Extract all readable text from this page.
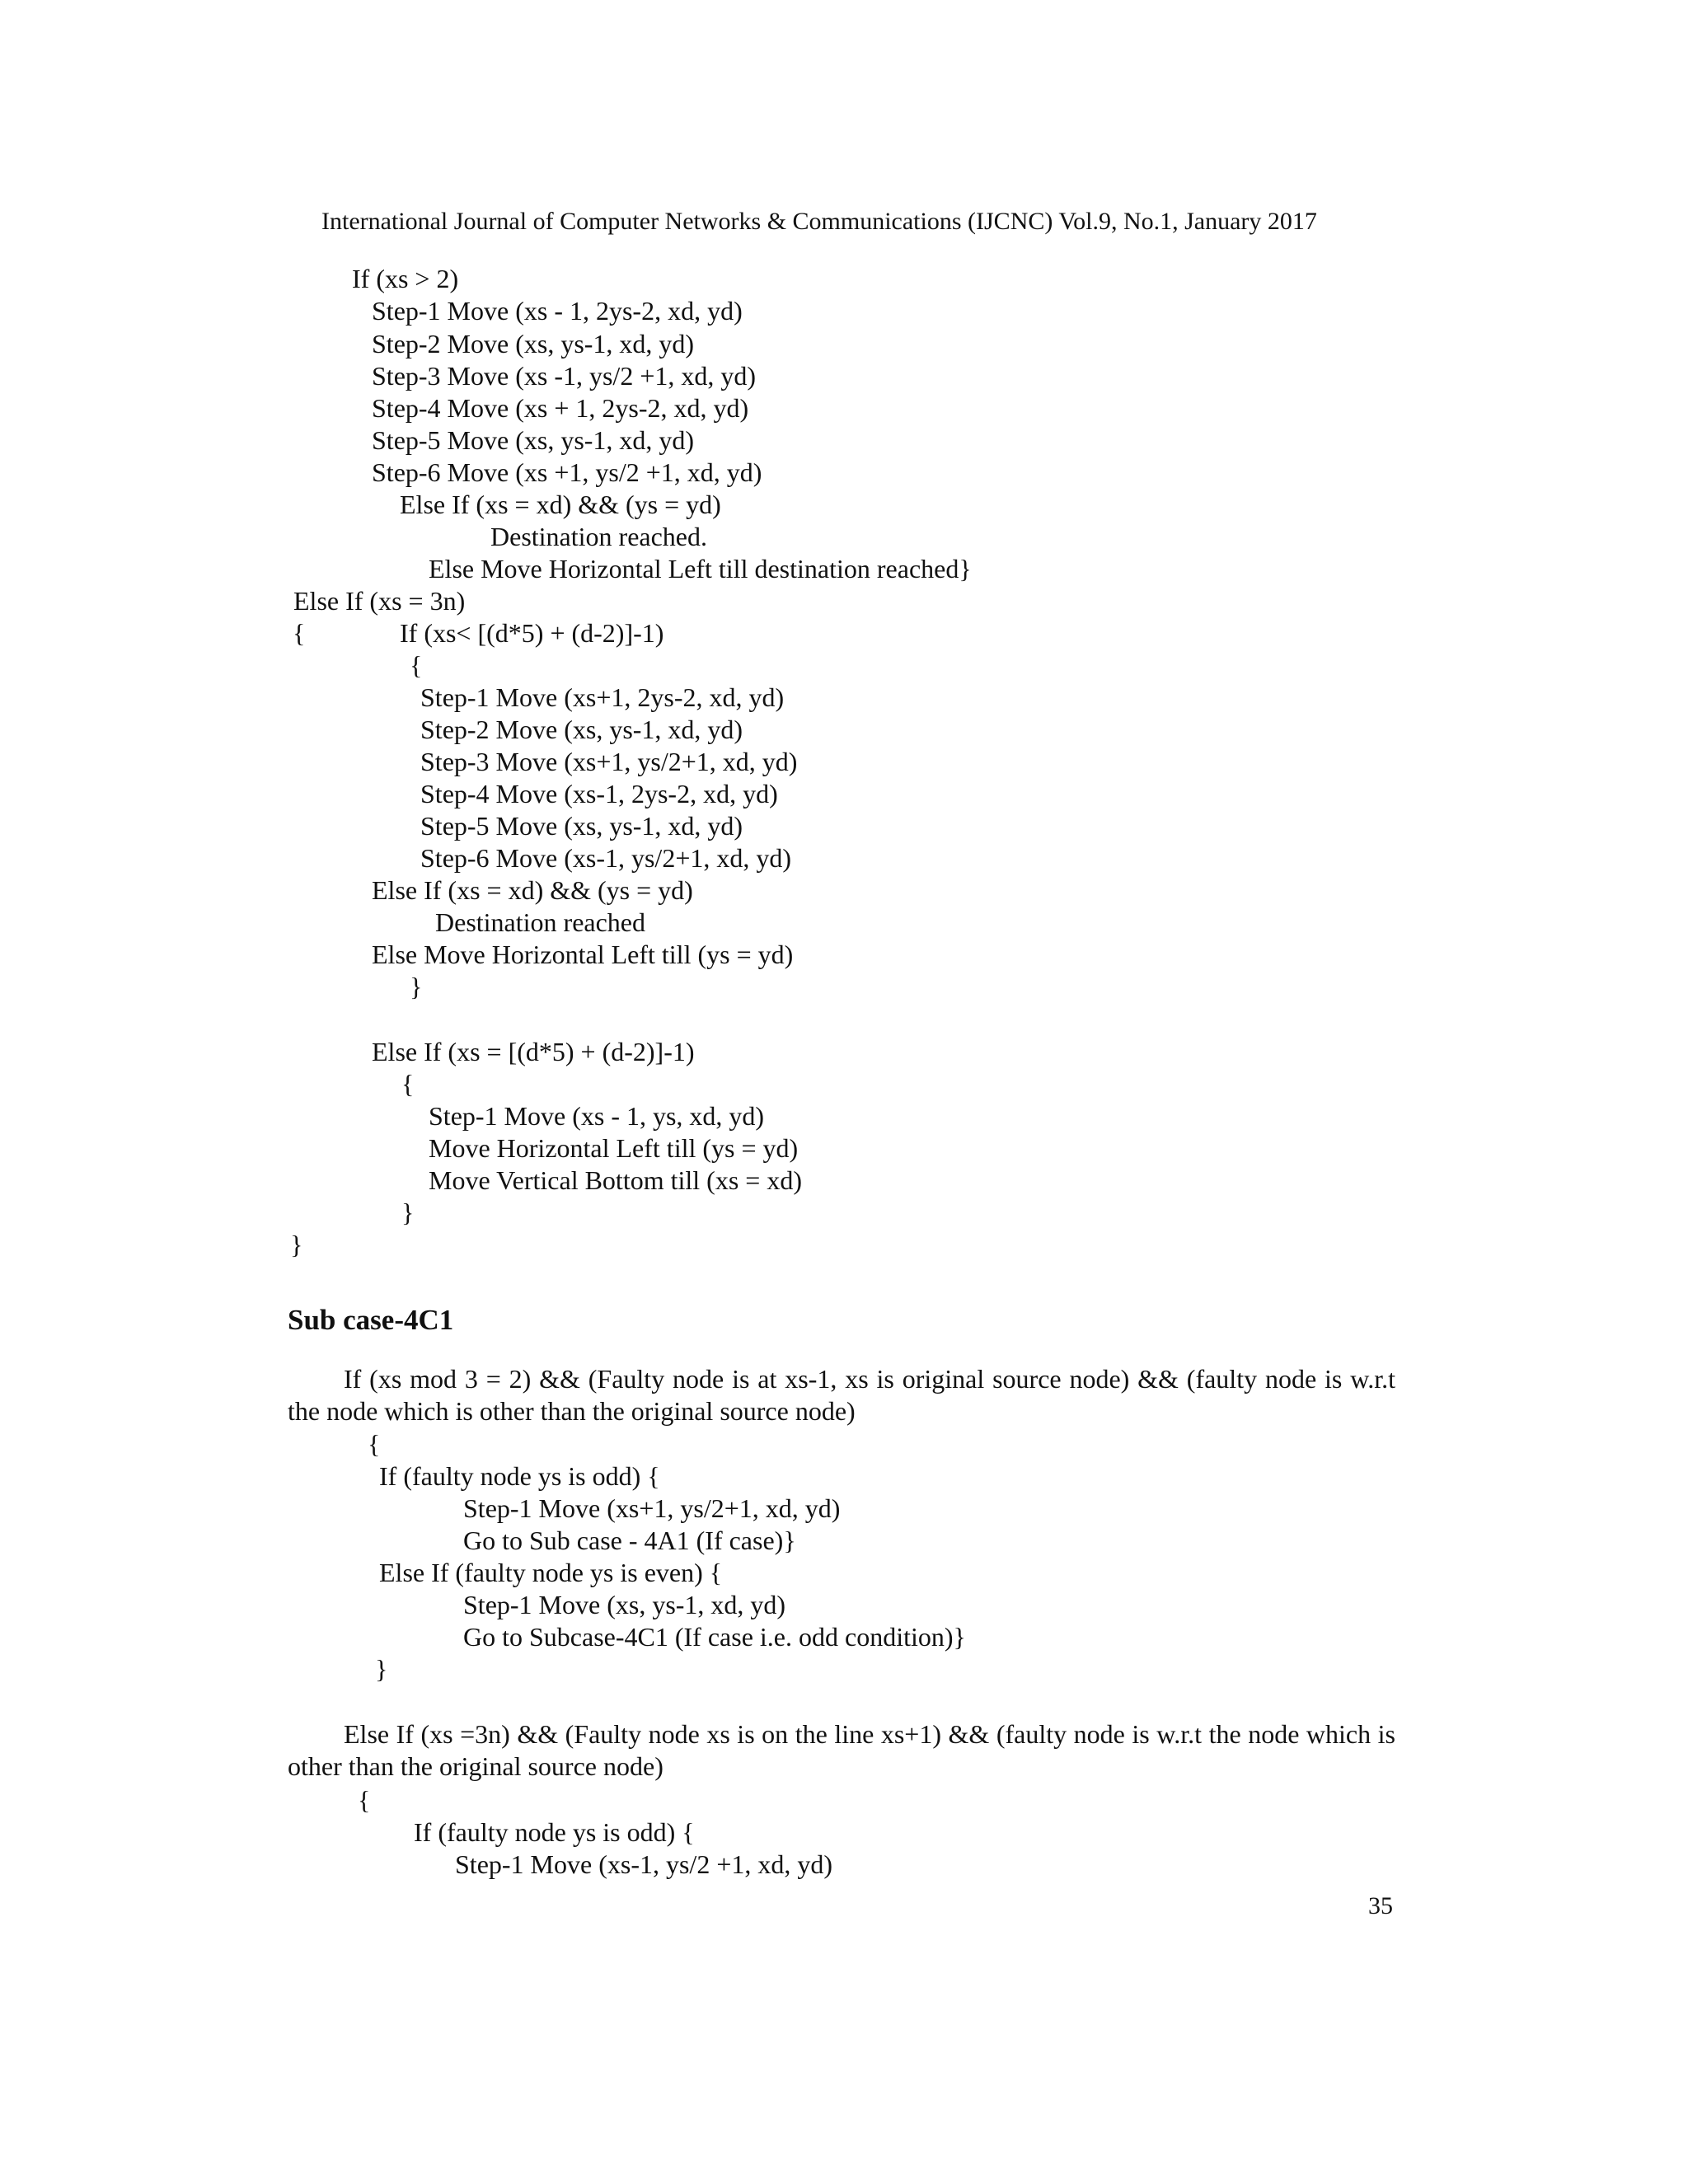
International Journal of Computer Networks & Communications (IJCNC) Vol.9, No.1, January 2017
If (xs > 2)
Step-1 Move (xs - 1, 2ys-2, xd, yd)
Step-2 Move (xs, ys-1, xd, yd)
Step-3 Move (xs -1, ys/2 +1, xd, yd)
Step-4 Move (xs + 1, 2ys-2, xd, yd)
Step-5 Move (xs, ys-1, xd, yd)
Step-6 Move (xs +1, ys/2 +1, xd, yd)
Else If (xs = xd) && (ys = yd)
Destination reached.
Else Move Horizontal Left till destination reached}
Else If (xs = 3n)
{	If (xs< [(d*5) + (d-2)]-1)
{
Step-1 Move (xs+1, 2ys-2, xd, yd)
Step-2 Move (xs, ys-1, xd, yd)
Step-3 Move (xs+1, ys/2+1, xd, yd)
Step-4 Move (xs-1, 2ys-2, xd, yd)
Step-5 Move (xs, ys-1, xd, yd)
Step-6 Move (xs-1, ys/2+1, xd, yd)
Else If (xs = xd) && (ys = yd)
Destination reached
Else Move Horizontal Left till (ys = yd)
}
Else If (xs = [(d*5) + (d-2)]-1)
{
Step-1 Move (xs - 1, ys, xd, yd)
Move Horizontal Left till (ys = yd)
Move Vertical Bottom till (xs = xd)
}
}
Sub case-4C1
If (xs mod 3 = 2) && (Faulty node is at xs-1, xs is original source node) && (faulty node is w.r.t the node which is other than the original source node)
{
If (faulty node ys is odd) {
Step-1 Move (xs+1, ys/2+1, xd, yd)
Go to Sub case - 4A1 (If case)}
Else If (faulty node ys is even) {
Step-1 Move (xs, ys-1, xd, yd)
Go to Subcase-4C1 (If case i.e. odd condition)}
}
Else If (xs =3n) && (Faulty node xs is on the line xs+1) && (faulty node is w.r.t the node which is other than the original source node)
{
If (faulty node ys is odd) {
Step-1 Move (xs-1, ys/2 +1, xd, yd)
35
